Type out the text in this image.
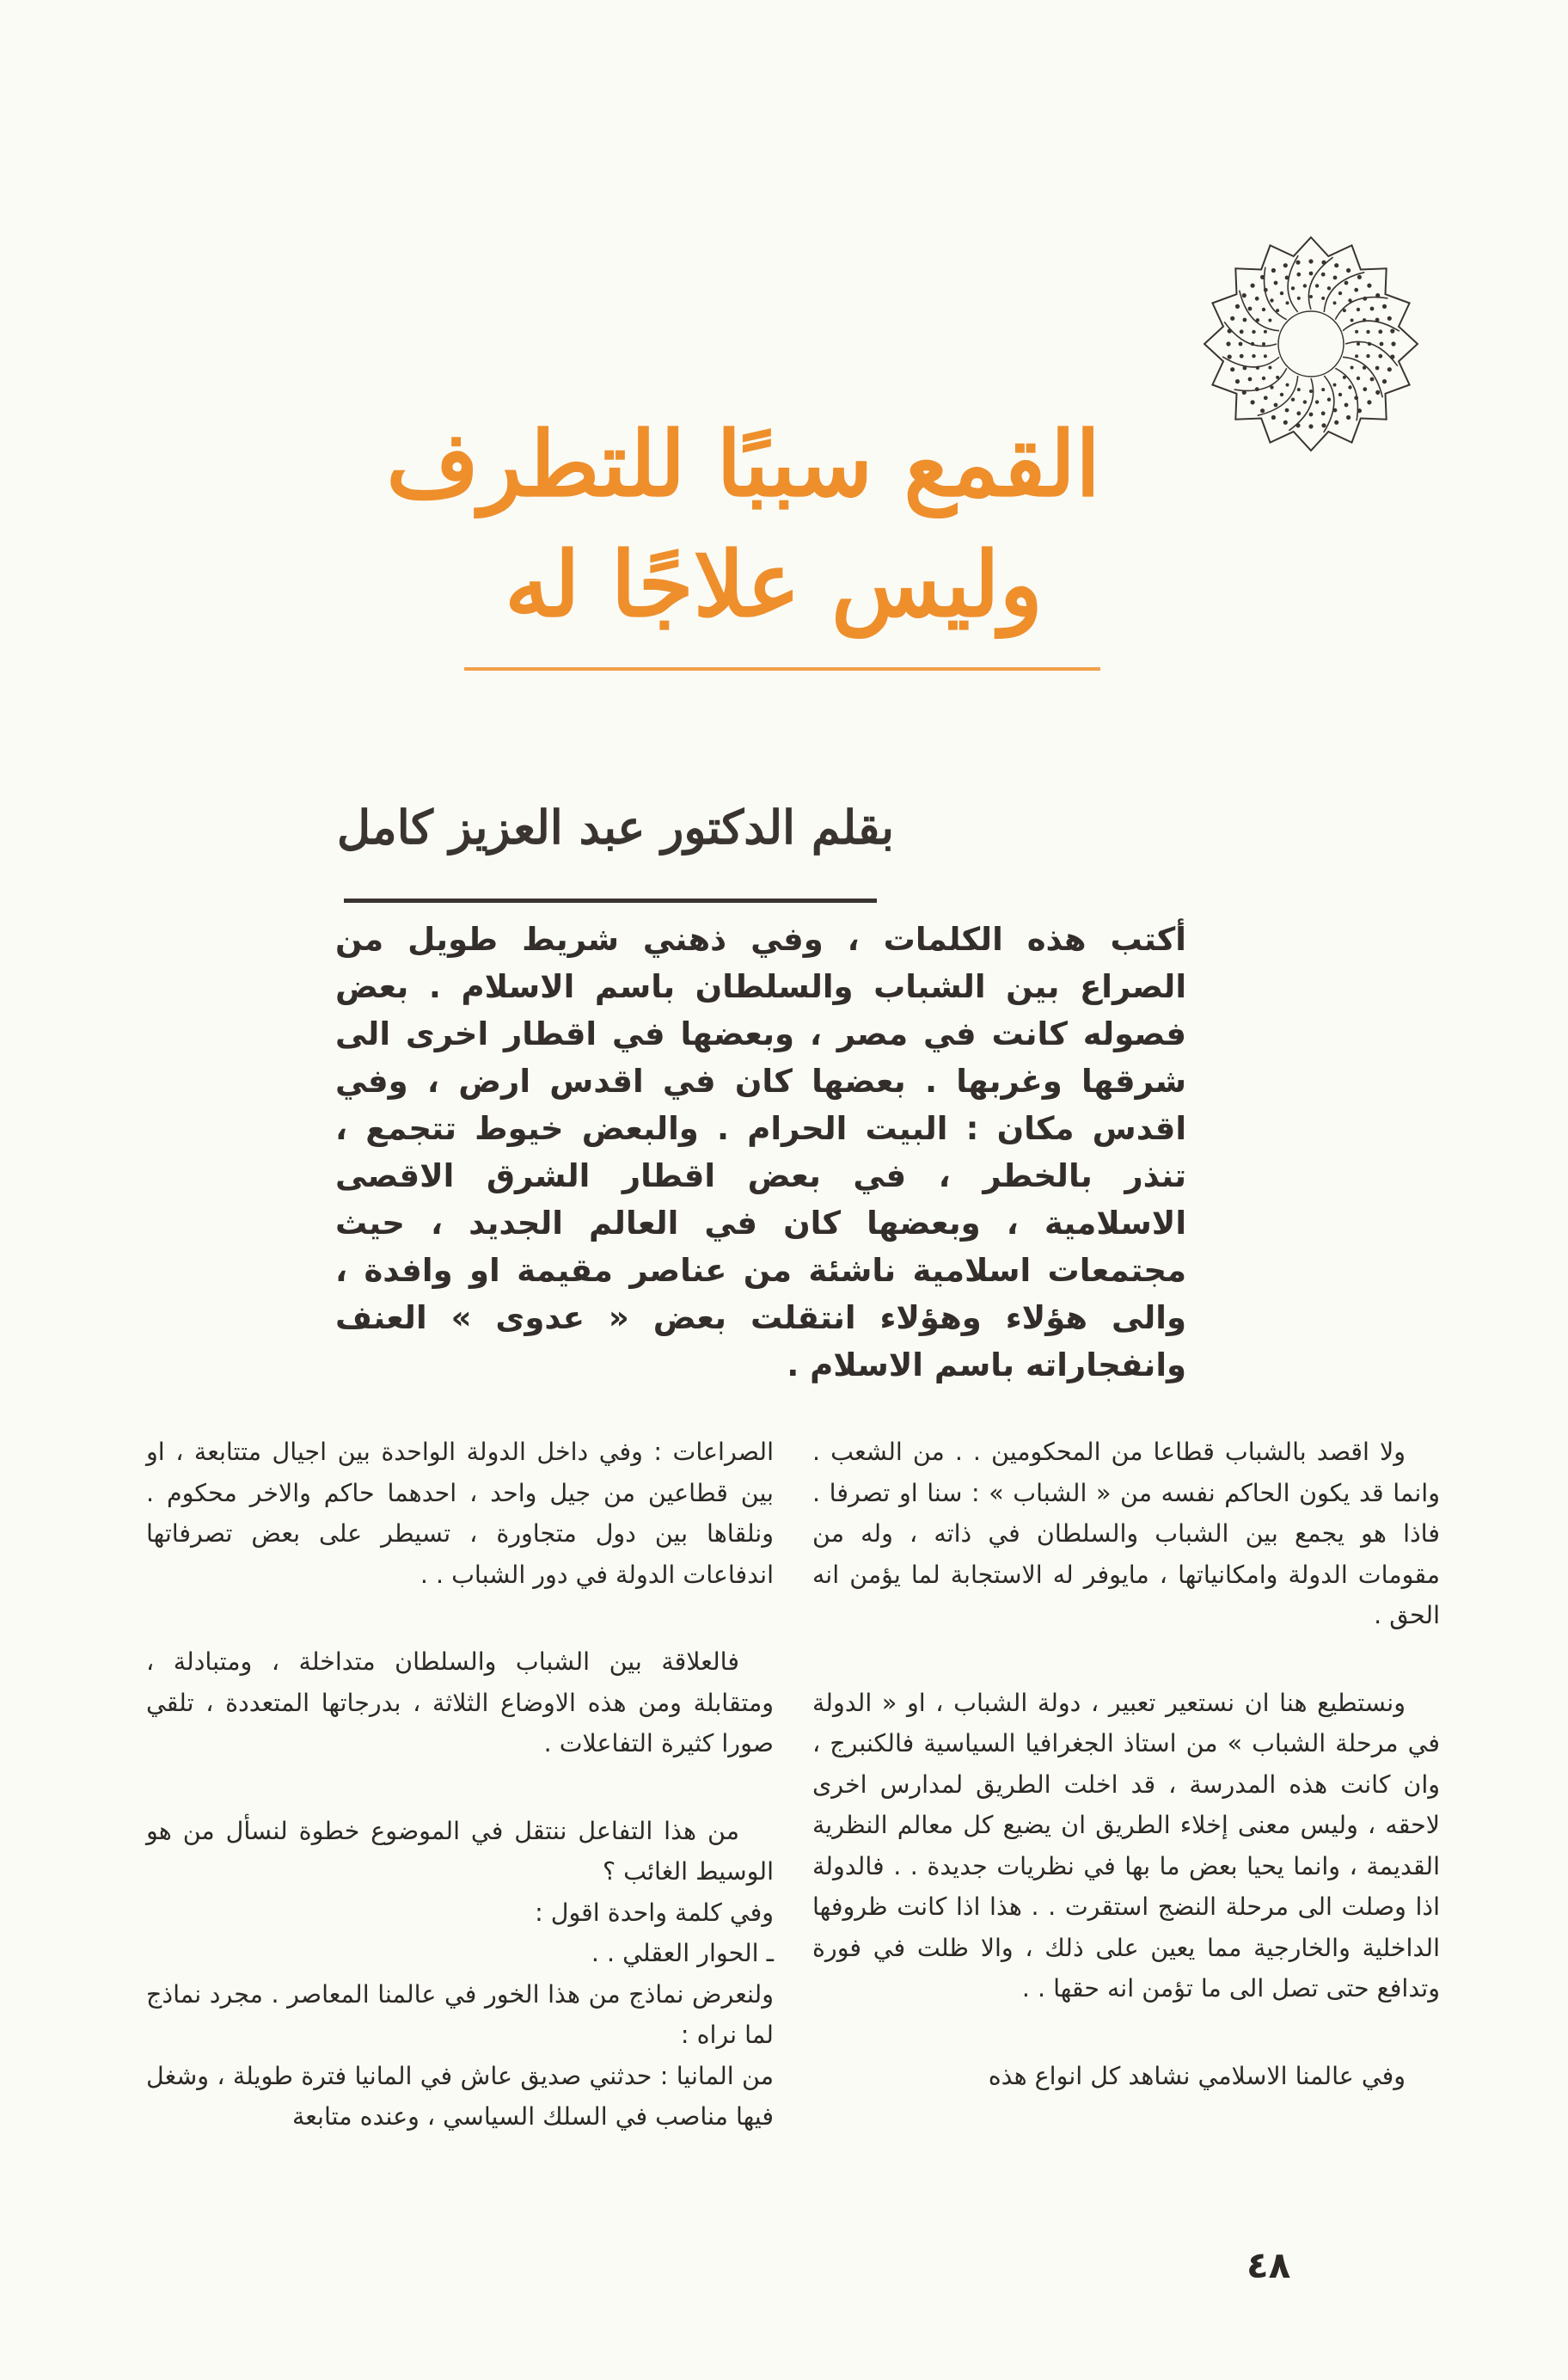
القمع سببًا للتطرف
وليس علاجًا له
بقلم الدكتور عبد العزيز كامل

أكتب هذه الكلمات ، وفي ذهني شريط طويل من الصراع بين الشباب والسلطان باسم الاسلام . بعض فصوله كانت في مصر ، وبعضها في اقطار اخرى الى شرقها وغربها . بعضها كان في اقدس ارض ، وفي اقدس مكان : البيت الحرام . والبعض خيوط تتجمع ، تنذر بالخطر ، في بعض اقطار الشرق الاقصى الاسلامية ، وبعضها كان في العالم الجديد ، حيث مجتمعات اسلامية ناشئة من عناصر مقيمة او وافدة ، والى هؤلاء وهؤلاء انتقلت بعض « عدوى » العنف وانفجاراته باسم الاسلام .

ولا اقصد بالشباب قطاعا من المحكومين . . من الشعب . وانما قد يكون الحاكم نفسه من « الشباب » : سنا او تصرفا . فاذا هو يجمع بين الشباب والسلطان في ذاته ، وله من مقومات الدولة وامكانياتها ، مايوفر له الاستجابة لما يؤمن انه الحق .

ونستطيع هنا ان نستعير تعبير ، دولة الشباب ، او « الدولة في مرحلة الشباب » من استاذ الجغرافيا السياسية فالكنبرج ، وان كانت هذه المدرسة ، قد اخلت الطريق لمدارس اخرى لاحقه ، وليس معنى إخلاء الطريق ان يضيع كل معالم النظرية القديمة ، وانما يحيا بعض ما بها في نظريات جديدة . . فالدولة اذا وصلت الى مرحلة النضج استقرت . . هذا اذا كانت ظروفها الداخلية والخارجية مما يعين على ذلك ، والا ظلت في فورة وتدافع حتى تصل الى ما تؤمن انه حقها . .

وفي عالمنا الاسلامي نشاهد كل انواع هذه

الصراعات : وفي داخل الدولة الواحدة بين اجيال متتابعة ، او بين قطاعين من جيل واحد ، احدهما حاكم والاخر محكوم . ونلقاها بين دول متجاورة ، تسيطر على بعض تصرفاتها اندفاعات الدولة في دور الشباب . .

فالعلاقة بين الشباب والسلطان متداخلة ، ومتبادلة ، ومتقابلة ومن هذه الاوضاع الثلاثة ، بدرجاتها المتعددة ، تلقي صورا كثيرة التفاعلات .

من هذا التفاعل ننتقل في الموضوع خطوة لنسأل من هو الوسيط الغائب ؟

وفي كلمة واحدة اقول :
ـ الحوار العقلي . .

ولنعرض نماذج من هذا الخور في عالمنا المعاصر . مجرد نماذج لما نراه :

من المانيا : حدثني صديق عاش في المانيا فترة طويلة ، وشغل فيها مناصب في السلك السياسي ، وعنده متابعة

٤٨
